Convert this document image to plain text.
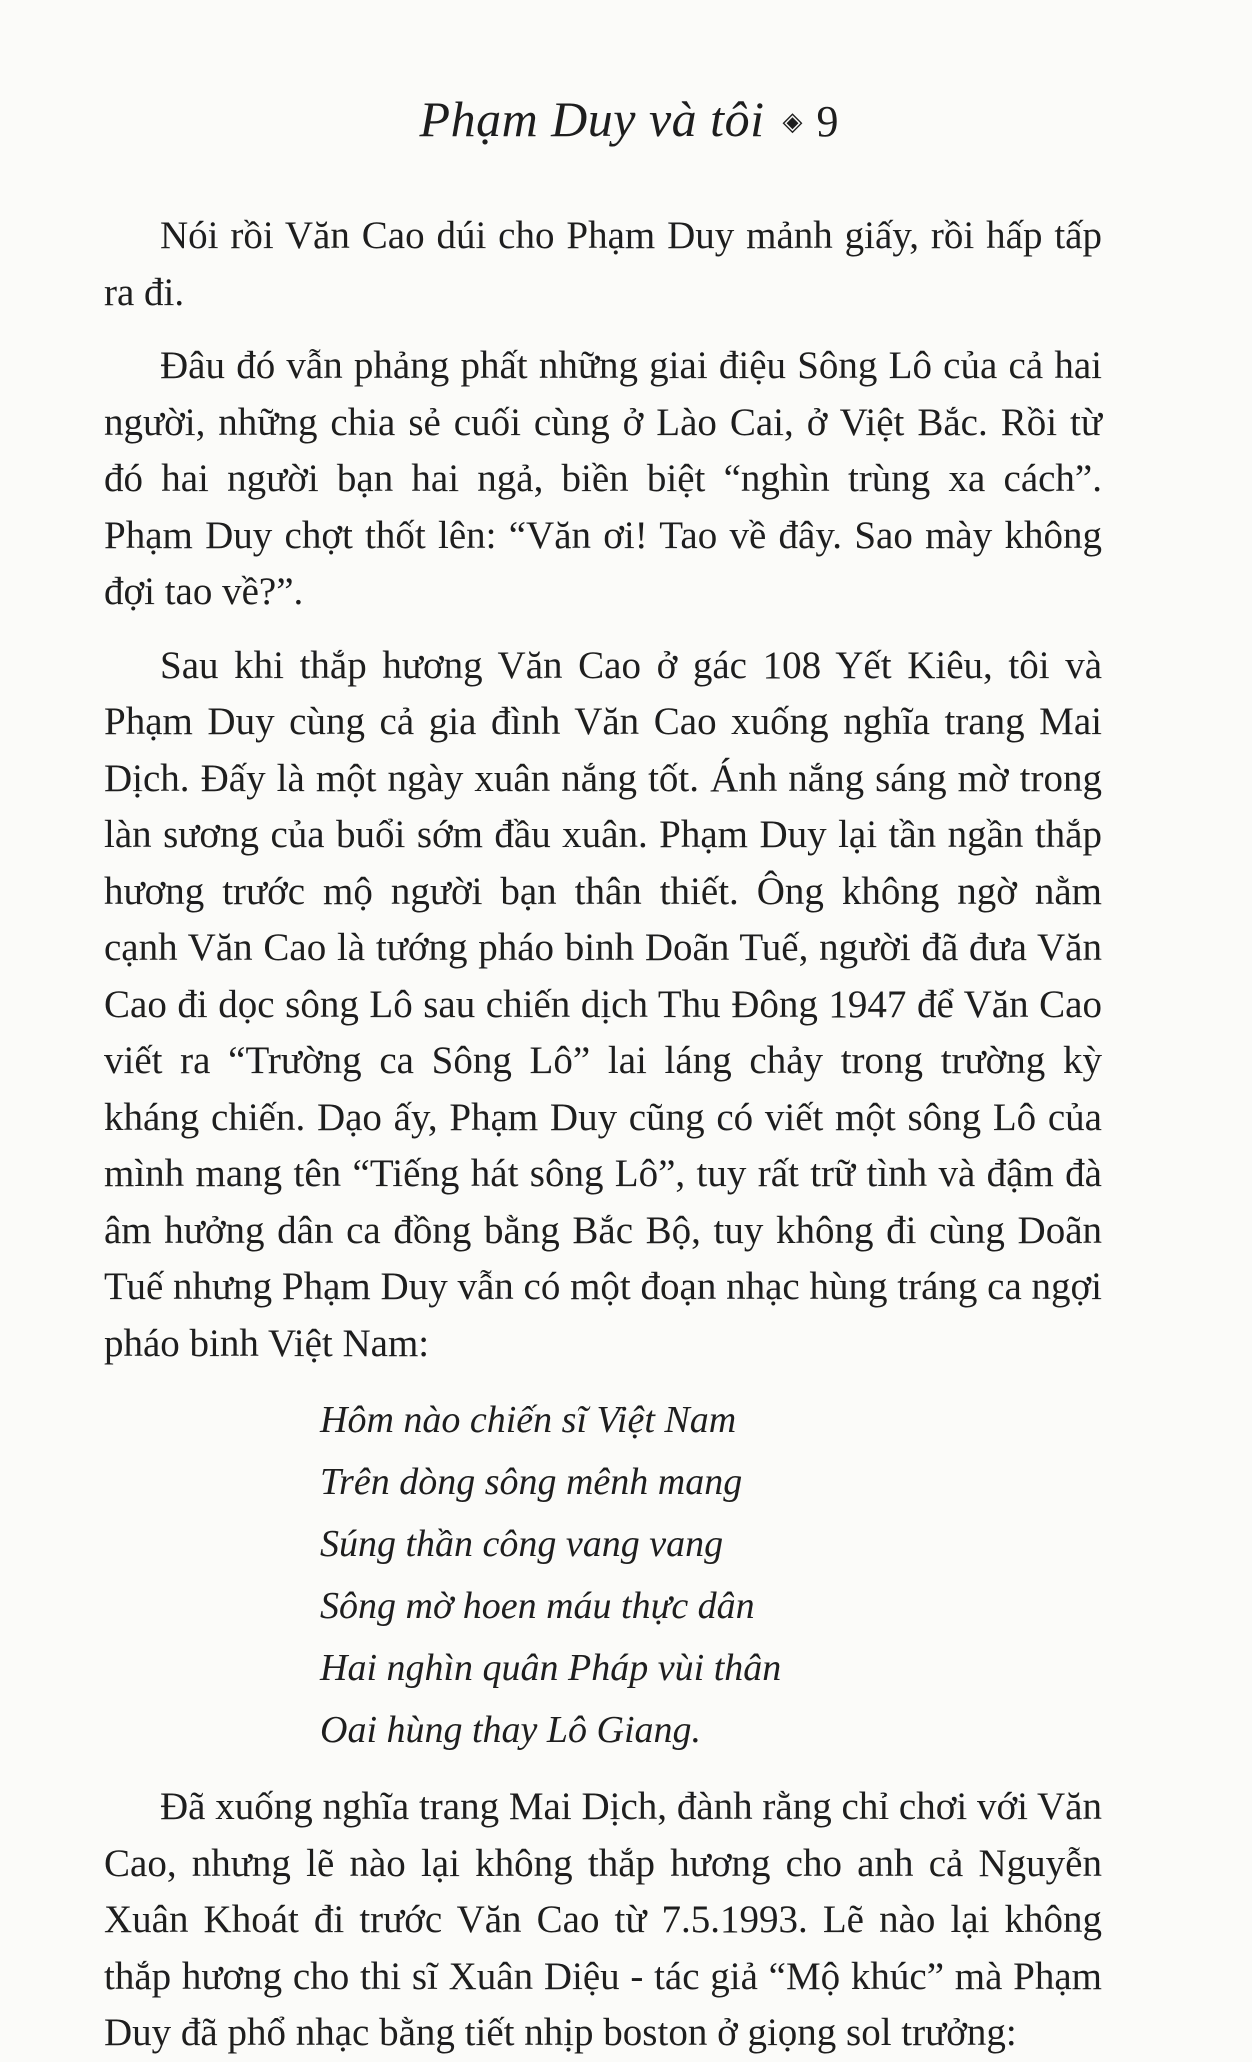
Phạm Duy và tôi ◈ 9

Nói rồi Văn Cao dúi cho Phạm Duy mảnh giấy, rồi hấp tấp ra đi.

Đâu đó vẫn phảng phất những giai điệu Sông Lô của cả hai người, những chia sẻ cuối cùng ở Lào Cai, ở Việt Bắc. Rồi từ đó hai người bạn hai ngả, biền biệt “nghìn trùng xa cách”. Phạm Duy chợt thốt lên: “Văn ơi! Tao về đây. Sao mày không đợi tao về?”.

Sau khi thắp hương Văn Cao ở gác 108 Yết Kiêu, tôi và Phạm Duy cùng cả gia đình Văn Cao xuống nghĩa trang Mai Dịch. Đấy là một ngày xuân nắng tốt. Ánh nắng sáng mờ trong làn sương của buổi sớm đầu xuân. Phạm Duy lại tần ngần thắp hương trước mộ người bạn thân thiết. Ông không ngờ nằm cạnh Văn Cao là tướng pháo binh Doãn Tuế, người đã đưa Văn Cao đi dọc sông Lô sau chiến dịch Thu Đông 1947 để Văn Cao viết ra “Trường ca Sông Lô” lai láng chảy trong trường kỳ kháng chiến. Dạo ấy, Phạm Duy cũng có viết một sông Lô của mình mang tên “Tiếng hát sông Lô”, tuy rất trữ tình và đậm đà âm hưởng dân ca đồng bằng Bắc Bộ, tuy không đi cùng Doãn Tuế nhưng Phạm Duy vẫn có một đoạn nhạc hùng tráng ca ngợi pháo binh Việt Nam:

Hôm nào chiến sĩ Việt Nam
Trên dòng sông mênh mang
Súng thần công vang vang
Sông mờ hoen máu thực dân
Hai nghìn quân Pháp vùi thân
Oai hùng thay Lô Giang.

Đã xuống nghĩa trang Mai Dịch, đành rằng chỉ chơi với Văn Cao, nhưng lẽ nào lại không thắp hương cho anh cả Nguyễn Xuân Khoát đi trước Văn Cao từ 7.5.1993. Lẽ nào lại không thắp hương cho thi sĩ Xuân Diệu - tác giả “Mộ khúc” mà Phạm Duy đã phổ nhạc bằng tiết nhịp boston ở giọng sol trưởng:
